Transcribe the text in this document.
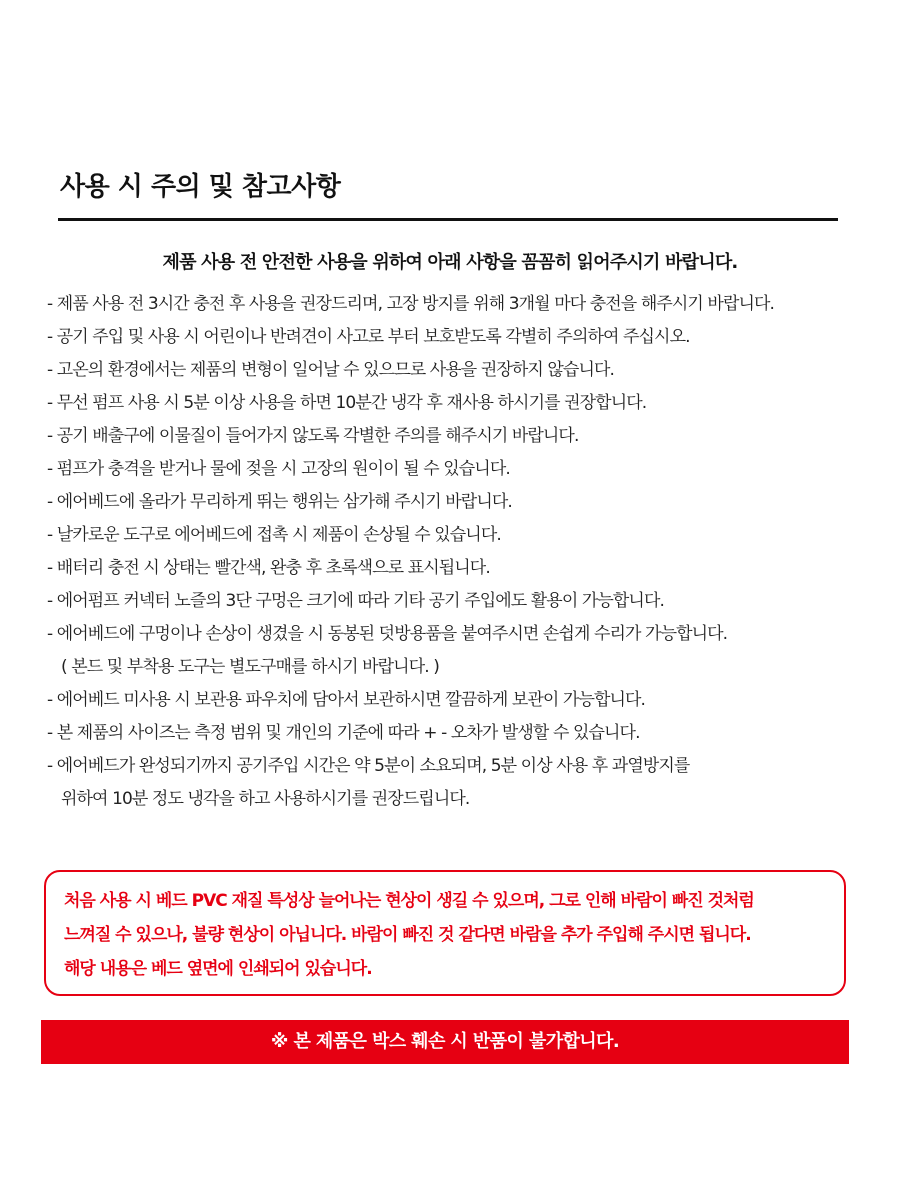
사용 시 주의 및 참고사항
제품 사용 전 안전한 사용을 위하여 아래 사항을 꼼꼼히 읽어주시기 바랍니다.
- 제품 사용 전 3시간 충전 후 사용을 권장드리며, 고장 방지를 위해 3개월 마다 충전을 해주시기 바랍니다.
- 공기 주입 및 사용 시 어린이나 반려견이 사고로 부터 보호받도록 각별히 주의하여 주십시오.
- 고온의 환경에서는 제품의 변형이 일어날 수 있으므로 사용을 권장하지 않습니다.
- 무선 펌프 사용 시 5분 이상 사용을 하면 10분간 냉각 후 재사용 하시기를 권장합니다.
- 공기 배출구에 이물질이 들어가지 않도록 각별한 주의를 해주시기 바랍니다.
- 펌프가 충격을 받거나 물에 젖을 시 고장의 원이이 될 수 있습니다.
- 에어베드에 올라가 무리하게 뛰는 행위는 삼가해 주시기 바랍니다.
- 날카로운 도구로 에어베드에 접촉 시 제품이 손상될 수 있습니다.
- 배터리 충전 시 상태는 빨간색, 완충 후 초록색으로 표시됩니다.
- 에어펌프 커넥터 노즐의 3단 구멍은 크기에 따라 기타 공기 주입에도 활용이 가능합니다.
- 에어베드에 구멍이나 손상이 생겼을 시 동봉된 덧방용품을 붙여주시면 손쉽게 수리가 가능합니다.
( 본드 및 부착용 도구는 별도구매를 하시기 바랍니다. )
- 에어베드 미사용 시 보관용 파우치에 담아서 보관하시면 깔끔하게 보관이 가능합니다.
- 본 제품의 사이즈는 측정 범위 및 개인의 기준에 따라 + - 오차가 발생할 수 있습니다.
- 에어베드가 완성되기까지 공기주입 시간은 약 5분이 소요되며, 5분 이상 사용 후 과열방지를
위하여 10분 정도 냉각을 하고 사용하시기를 권장드립니다.
처음 사용 시 베드 PVC 재질 특성상 늘어나는 현상이 생길 수 있으며, 그로 인해 바람이 빠진 것처럼
느껴질 수 있으나, 불량 현상이 아닙니다. 바람이 빠진 것 같다면 바람을 추가 주입해 주시면 됩니다.
해당 내용은 베드 옆면에 인쇄되어 있습니다.
※ 본 제품은 박스 훼손 시 반품이 불가합니다.
